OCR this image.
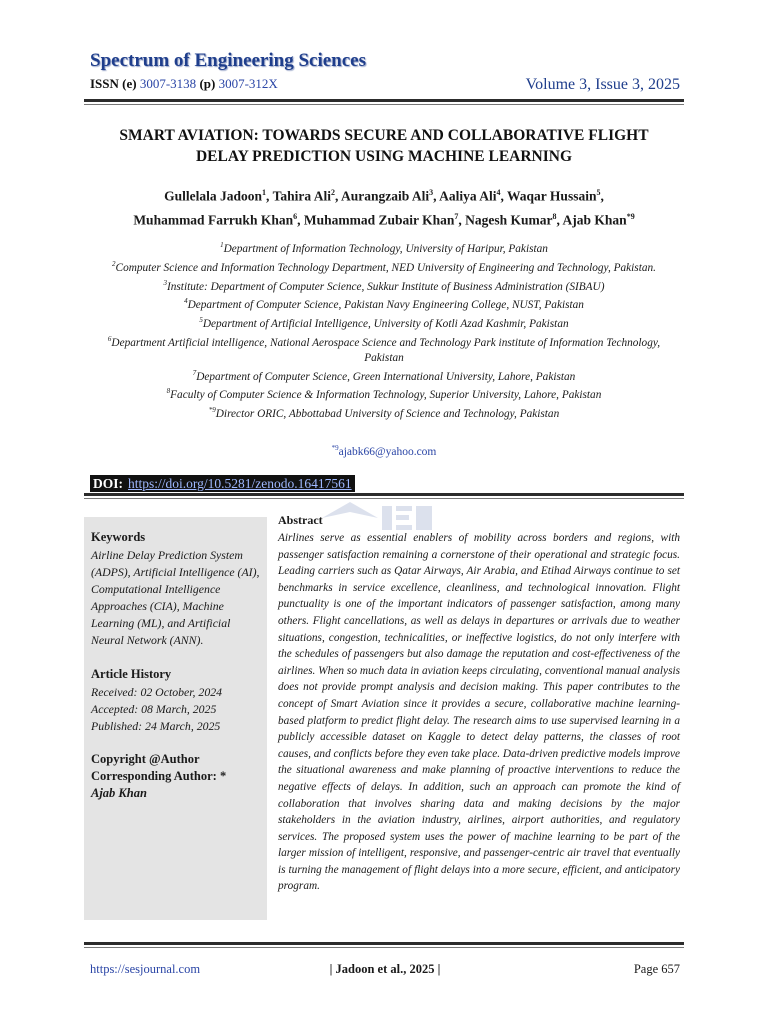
Spectrum of Engineering Sciences
ISSN (e) 3007-3138 (p) 3007-312X	Volume 3, Issue 3, 2025
SMART AVIATION: TOWARDS SECURE AND COLLABORATIVE FLIGHT
DELAY PREDICTION USING MACHINE LEARNING
Gullelala Jadoon$^1$, Tahira Ali$^2$, Aurangzaib Ali$^3$, Aaliya Ali$^4$, Waqar Hussain$^5$,
Muhammad Farrukh Khan$^6$, Muhammad Zubair Khan$^7$, Nagesh Kumar$^8$, Ajab Khan$^{*9}$
$^1$Department of Information Technology, University of Haripur, Pakistan
$^2$Computer Science and Information Technology Department, NED University of Engineering and Technology, Pakistan.
$^3$Institute: Department of Computer Science, Sukkur Institute of Business Administration (SIBAU)
$^4$Department of Computer Science, Pakistan Navy Engineering College, NUST, Pakistan
$^5$Department of Artificial Intelligence, University of Kotli Azad Kashmir, Pakistan
$^6$Department Artificial intelligence, National Aerospace Science and Technology Park institute of Information Technology, Pakistan
$^7$Department of Computer Science, Green International University, Lahore, Pakistan
$^8$Faculty of Computer Science & Information Technology, Superior University, Lahore, Pakistan
$^{*9}$Director ORIC, Abbottabad University of Science and Technology, Pakistan
$^{*9}$ajabk66@yahoo.com
DOI: https://doi.org/10.5281/zenodo.16417561
Keywords
Airline Delay Prediction System (ADPS), Artificial Intelligence (AI), Computational Intelligence Approaches (CIA), Machine Learning (ML), and Artificial Neural Network (ANN).
Article History
Received: 02 October, 2024
Accepted: 08 March, 2025
Published: 24 March, 2025
Copyright @Author
Corresponding Author: *
Ajab Khan
Abstract
Airlines serve as essential enablers of mobility across borders and regions, with passenger satisfaction remaining a cornerstone of their operational and strategic focus. Leading carriers such as Qatar Airways, Air Arabia, and Etihad Airways continue to set benchmarks in service excellence, cleanliness, and technological innovation. Flight punctuality is one of the important indicators of passenger satisfaction, among many others. Flight cancellations, as well as delays in departures or arrivals due to weather situations, congestion, technicalities, or ineffective logistics, do not only interfere with the schedules of passengers but also damage the reputation and cost-effectiveness of the airlines. When so much data in aviation keeps circulating, conventional manual analysis does not provide prompt analysis and decision making. This paper contributes to the concept of Smart Aviation since it provides a secure, collaborative machine learning-based platform to predict flight delay. The research aims to use supervised learning in a publicly accessible dataset on Kaggle to detect delay patterns, the classes of root causes, and conflicts before they even take place. Data-driven predictive models improve the situational awareness and make planning of proactive interventions to reduce the negative effects of delays. In addition, such an approach can promote the kind of collaboration that involves sharing data and making decisions by the major stakeholders in the aviation industry, airlines, airport authorities, and regulatory services. The proposed system uses the power of machine learning to be part of the larger mission of intelligent, responsive, and passenger-centric air travel that eventually is turning the management of flight delays into a more secure, efficient, and anticipatory program.
https://sesjournal.com	| Jadoon et al., 2025 |	Page 657
